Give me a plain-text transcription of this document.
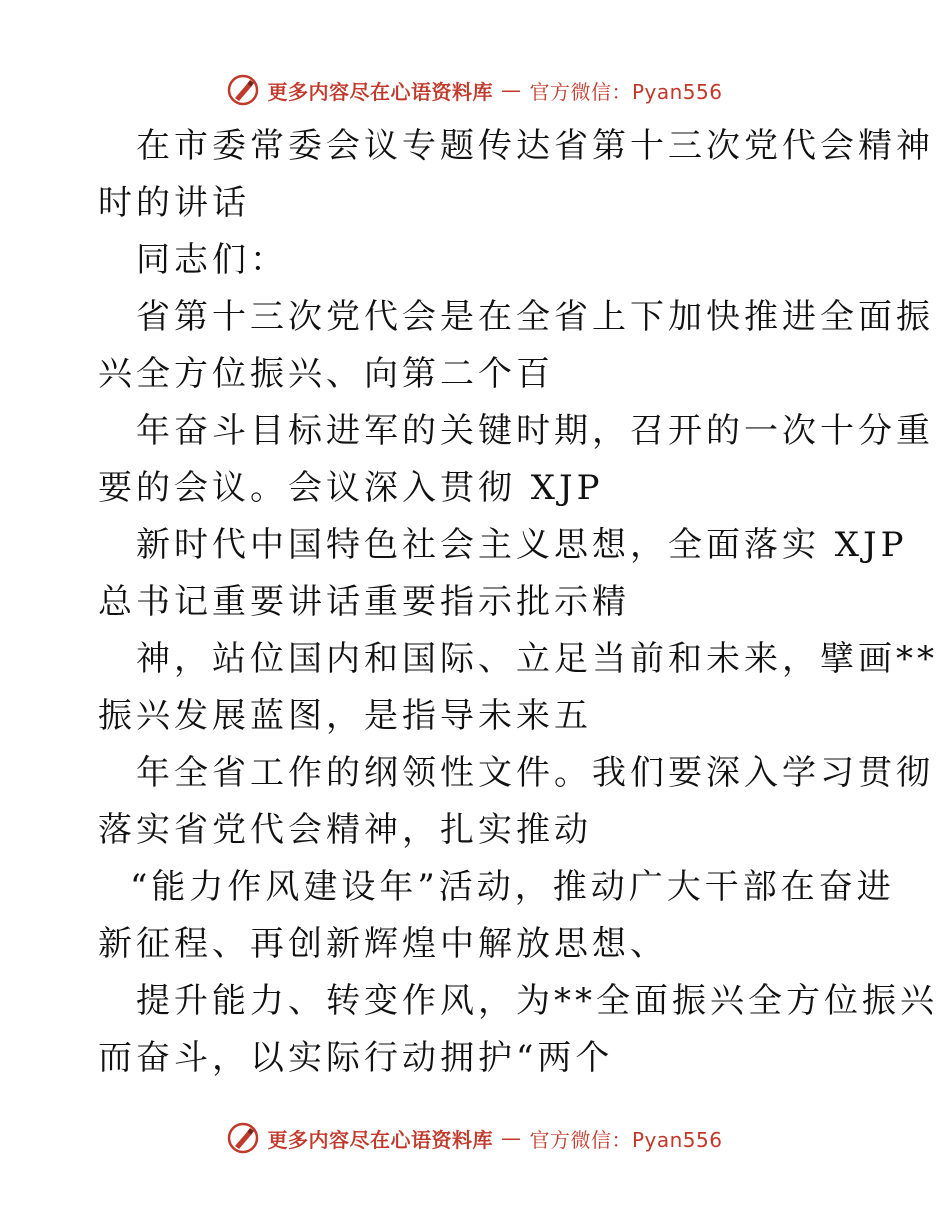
更多内容尽在心语资料库 — 官方微信：Pyan556
在市委常委会议专题传达省第十三次党代会精神
时的讲话
同志们：
省第十三次党代会是在全省上下加快推进全面振
兴全方位振兴、向第二个百
年奋斗目标进军的关键时期，召开的一次十分重
要的会议。会议深入贯彻 XJP
新时代中国特色社会主义思想，全面落实 XJP
总书记重要讲话重要指示批示精
神，站位国内和国际、立足当前和未来，擘画**
振兴发展蓝图，是指导未来五
年全省工作的纲领性文件。我们要深入学习贯彻
落实省党代会精神，扎实推动
“能力作风建设年”活动，推动广大干部在奋进
新征程、再创新辉煌中解放思想、
提升能力、转变作风，为**全面振兴全方位振兴
而奋斗，以实际行动拥护“两个
更多内容尽在心语资料库 — 官方微信：Pyan556
